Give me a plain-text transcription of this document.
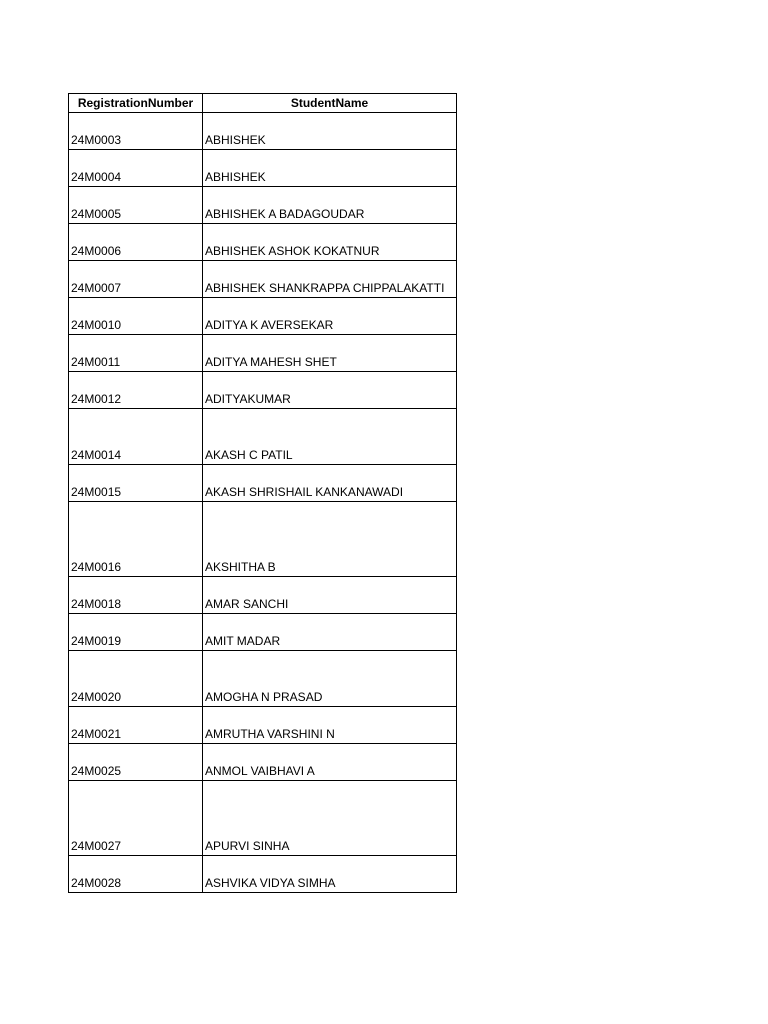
RegistrationNumber	StudentName
24M0003	ABHISHEK
24M0004	ABHISHEK
24M0005	ABHISHEK A BADAGOUDAR
24M0006	ABHISHEK ASHOK KOKATNUR
24M0007	ABHISHEK SHANKRAPPA CHIPPALAKATTI
24M0010	ADITYA K AVERSEKAR
24M0011	ADITYA MAHESH SHET
24M0012	ADITYAKUMAR
24M0014	AKASH C PATIL
24M0015	AKASH SHRISHAIL KANKANAWADI
24M0016	AKSHITHA B
24M0018	AMAR SANCHI
24M0019	AMIT MADAR
24M0020	AMOGHA N PRASAD
24M0021	AMRUTHA VARSHINI N
24M0025	ANMOL VAIBHAVI A
24M0027	APURVI SINHA
24M0028	ASHVIKA VIDYA SIMHA
